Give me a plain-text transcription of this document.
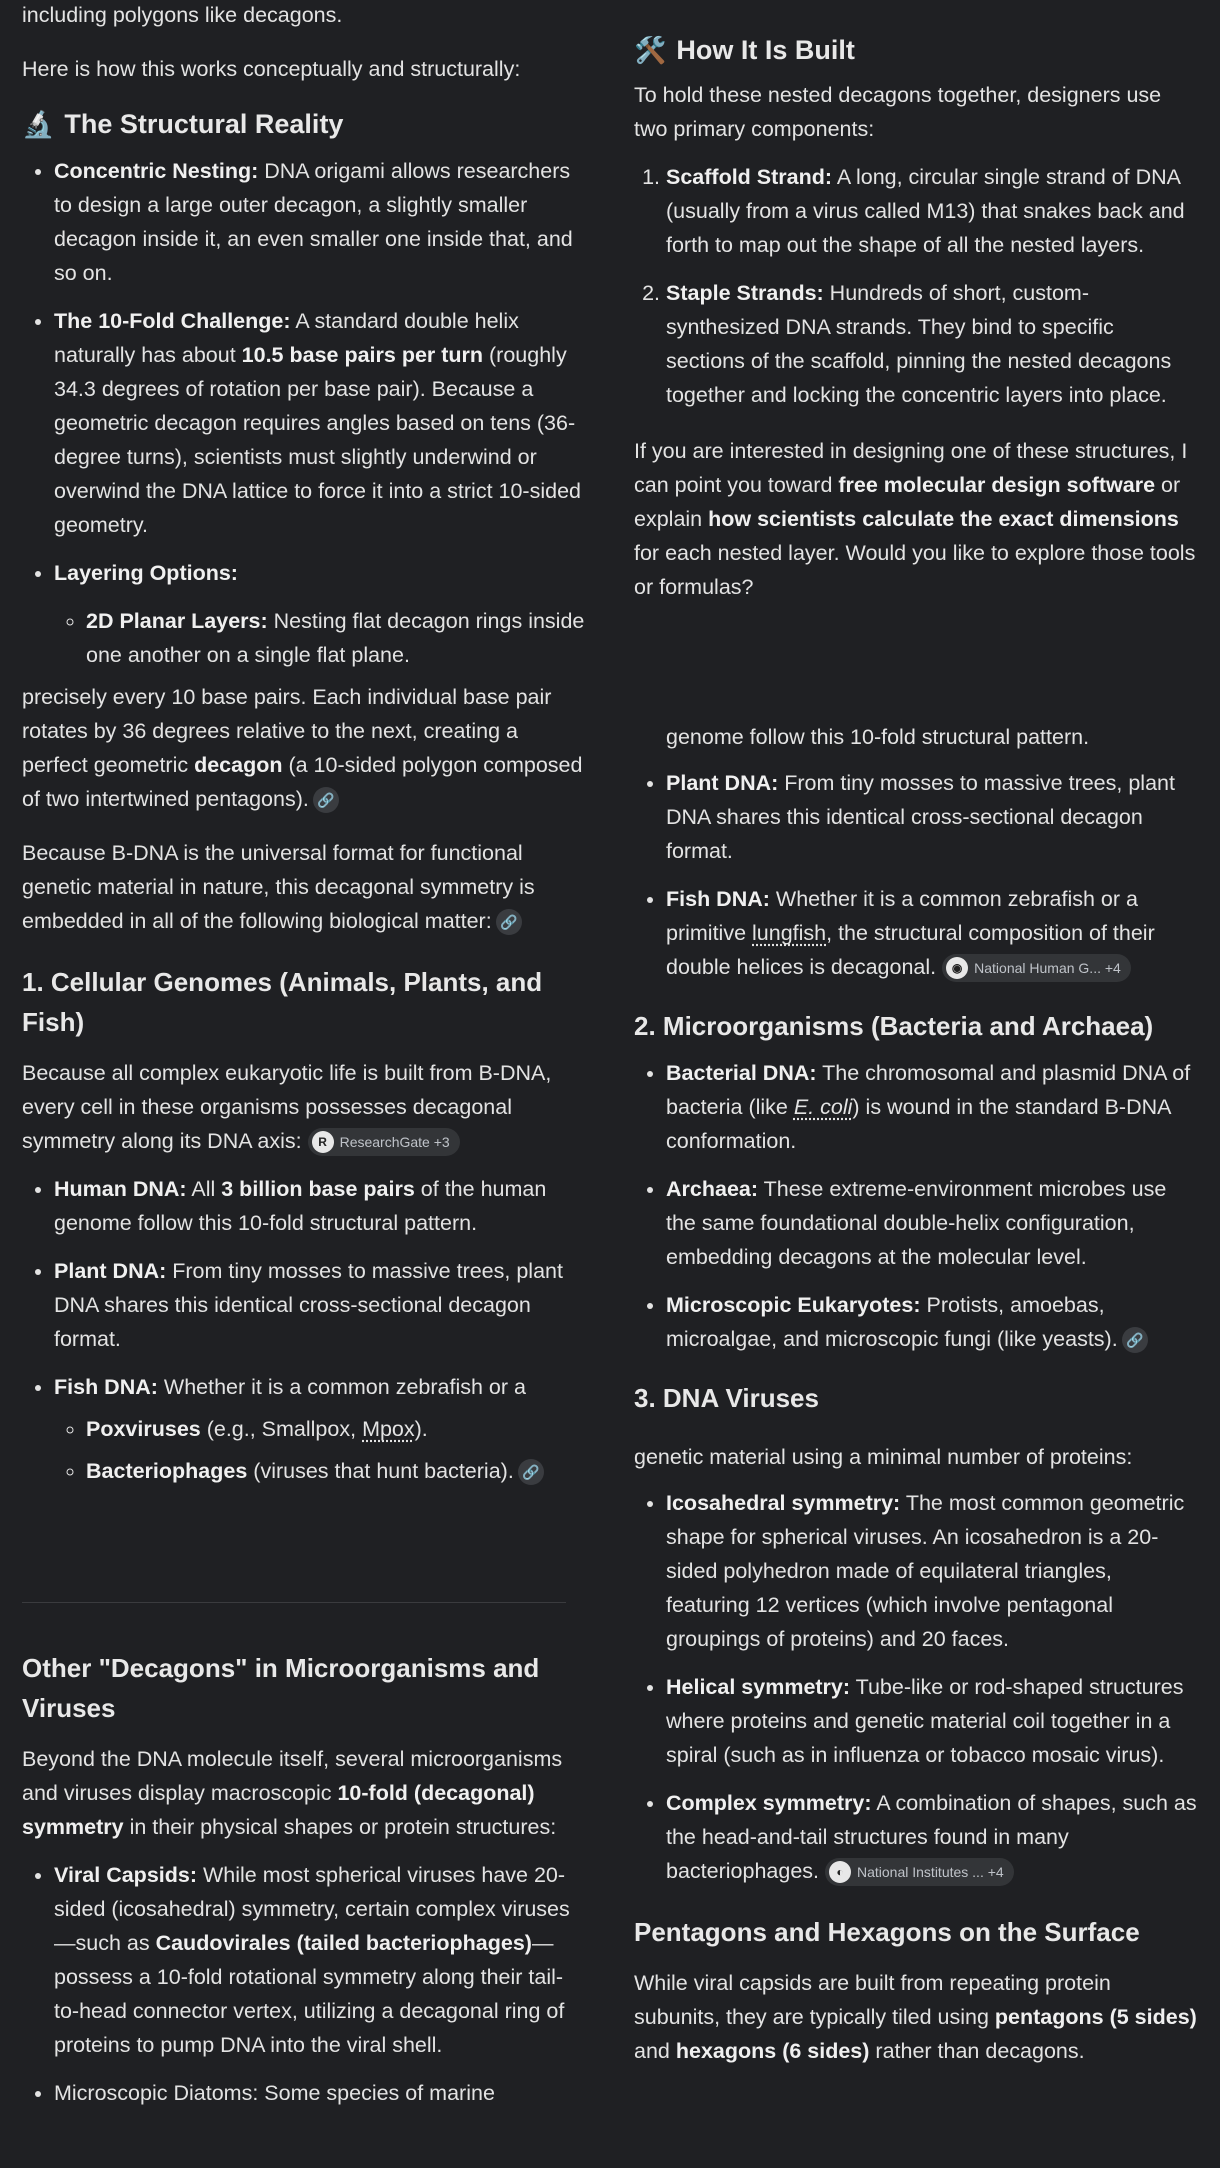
including polygons like decagons.

Here is how this works conceptually and structurally:

🔬 The Structural Reality
• Concentric Nesting: DNA origami allows researchers to design a large outer decagon, a slightly smaller decagon inside it, an even smaller one inside that, and so on.
• The 10-Fold Challenge: A standard double helix naturally has about 10.5 base pairs per turn (roughly 34.3 degrees of rotation per base pair). Because a geometric decagon requires angles based on tens (36-degree turns), scientists must slightly underwind or overwind the DNA lattice to force it into a strict 10-sided geometry.
• Layering Options:
◦ 2D Planar Layers: Nesting flat decagon rings inside one another on a single flat plane.
🛠️ How It Is Built

To hold these nested decagons together, designers use two primary components:

1. Scaffold Strand: A long, circular single strand of DNA (usually from a virus called M13) that snakes back and forth to map out the shape of all the nested layers.
2. Staple Strands: Hundreds of short, custom-synthesized DNA strands. They bind to specific sections of the scaffold, pinning the nested decagons together and locking the concentric layers into place.

If you are interested in designing one of these structures, I can point you toward free molecular design software or explain how scientists calculate the exact dimensions for each nested layer. Would you like to explore those tools or formulas?

precisely every 10 base pairs. Each individual base pair

rotates by 36 degrees relative to the next, creating a perfect geometric decagon (a 10-sided polygon composed of two intertwined pentagons). 🔗

Because B-DNA is the universal format for functional genetic material in nature, this decagonal symmetry is embedded in all of the following biological matter: 🔗

1. Cellular Genomes (Animals, Plants, and Fish)

Because all complex eukaryotic life is built from B-DNA, every cell in these organisms possesses decagonal symmetry along its DNA axis:	R ResearchGate +3

• Human DNA: All 3 billion base pairs of the human genome follow this 10-fold structural pattern.
• Plant DNA: From tiny mosses to massive trees, plant DNA shares this identical cross-sectional decagon format.
• Fish DNA: Whether it is a common zebrafish or a
◦ Poxviruses (e.g., Smallpox, Mpox).
◦ Bacteriophages (viruses that hunt bacteria). 🔗

genome follow this 10-fold structural pattern.

• Plant DNA: From tiny mosses to massive trees, plant DNA shares this identical cross-sectional decagon format.
• Fish DNA: Whether it is a common zebrafish or a primitive lungfish, the structural composition of their double helices is decagonal.	◉ National Human G... +4
2. Microorganisms (Bacteria and Archaea)
• Bacterial DNA: The chromosomal and plasmid DNA of bacteria (like E. coli) is wound in the standard B-DNA conformation.
• Archaea: These extreme-environment microbes use the same foundational double-helix configuration, embedding decagons at the molecular level.
• Microscopic Eukaryotes: Protists, amoebas, microalgae, and microscopic fungi (like yeasts). 🔗
3. DNA Viruses
Other "Decagons" in Microorganisms and Viruses

Beyond the DNA molecule itself, several microorganisms and viruses display macroscopic 10-fold (decagonal) symmetry in their physical shapes or protein structures:

• Viral Capsids: While most spherical viruses have 20-sided (icosahedral) symmetry, certain complex viruses—such as Caudovirales (tailed bacteriophages)—possess a 10-fold rotational symmetry along their tail-to-head connector vertex, utilizing a decagonal ring of proteins to pump DNA into the viral shell.
• Microscopic Diatoms: Some species of marine

genetic material using a minimal number of proteins:

• Icosahedral symmetry: The most common geometric shape for spherical viruses. An icosahedron is a 20-sided polyhedron made of equilateral triangles, featuring 12 vertices (which involve pentagonal groupings of proteins) and 20 faces.
• Helical symmetry: Tube-like or rod-shaped structures where proteins and genetic material coil together in a spiral (such as in influenza or tobacco mosaic virus).
• Complex symmetry: A combination of shapes, such as the head-and-tail structures found in many bacteriophages.	◐ National Institutes ... +4
Pentagons and Hexagons on the Surface

While viral capsids are built from repeating protein subunits, they are typically tiled using pentagons (5 sides) and hexagons (6 sides) rather than decagons.
